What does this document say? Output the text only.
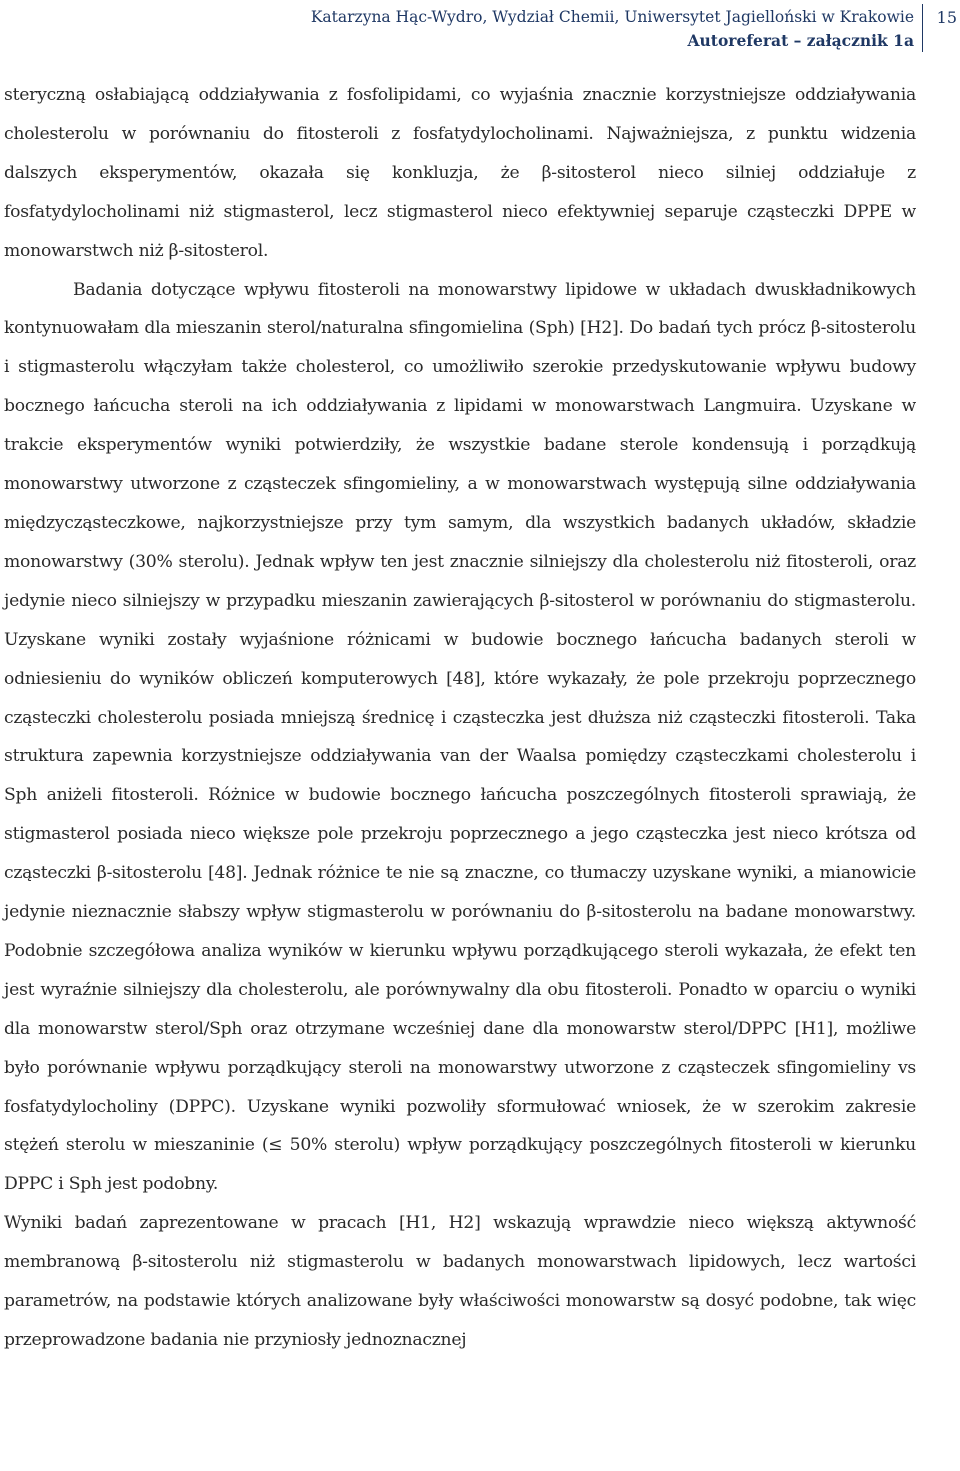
Katarzyna Hąc-Wydro, Wydział Chemii, Uniwersytet Jagielloński w Krakowie
Autoreferat – załącznik 1a
15

steryczną osłabiającą oddziaływania z fosfolipidami, co wyjaśnia znacznie korzystniejsze oddziaływania cholesterolu w porównaniu do fitosteroli z fosfatydylocholinami. Najważniejsza, z punktu widzenia dalszych eksperymentów, okazała się konkluzja, że β-sitosterol nieco silniej oddziałuje z fosfatydylocholinami niż stigmasterol, lecz stigmasterol nieco efektywniej separuje cząsteczki DPPE w monowarstwch niż β-sitosterol.

Badania dotyczące wpływu fitosteroli na monowarstwy lipidowe w układach dwuskładnikowych kontynuowałam dla mieszanin sterol/naturalna sfingomielina (Sph) [H2]. Do badań tych prócz β-sitosterolu i stigmasterolu włączyłam także cholesterol, co umożliwiło szerokie przedyskutowanie wpływu budowy bocznego łańcucha steroli na ich oddziaływania z lipidami w monowarstwach Langmuira. Uzyskane w trakcie eksperymentów wyniki potwierdziły, że wszystkie badane sterole kondensują i porządkują monowarstwy utworzone z cząsteczek sfingomieliny, a w monowarstwach występują silne oddziaływania międzycząsteczkowe, najkorzystniejsze przy tym samym, dla wszystkich badanych układów, składzie monowarstwy (30% sterolu). Jednak wpływ ten jest znacznie silniejszy dla cholesterolu niż fitosteroli, oraz jedynie nieco silniejszy w przypadku mieszanin zawierających β-sitosterol w porównaniu do stigmasterolu. Uzyskane wyniki zostały wyjaśnione różnicami w budowie bocznego łańcucha badanych steroli w odniesieniu do wyników obliczeń komputerowych [48], które wykazały, że pole przekroju poprzecznego cząsteczki cholesterolu posiada mniejszą średnicę i cząsteczka jest dłuższa niż cząsteczki fitosteroli. Taka struktura zapewnia korzystniejsze oddziaływania van der Waalsa pomiędzy cząsteczkami cholesterolu i Sph aniżeli fitosteroli. Różnice w budowie bocznego łańcucha poszczególnych fitosteroli sprawiają, że stigmasterol posiada nieco większe pole przekroju poprzecznego a jego cząsteczka jest nieco krótsza od cząsteczki β-sitosterolu [48]. Jednak różnice te nie są znaczne, co tłumaczy uzyskane wyniki, a mianowicie jedynie nieznacznie słabszy wpływ stigmasterolu w porównaniu do β-sitosterolu na badane monowarstwy. Podobnie szczegółowa analiza wyników w kierunku wpływu porządkującego steroli wykazała, że efekt ten jest wyraźnie silniejszy dla cholesterolu, ale porównywalny dla obu fitosteroli. Ponadto w oparciu o wyniki dla monowarstw sterol/Sph oraz otrzymane wcześniej dane dla monowarstw sterol/DPPC [H1], możliwe było porównanie wpływu porządkujący steroli na monowarstwy utworzone z cząsteczek sfingomieliny vs fosfatydylocholiny (DPPC). Uzyskane wyniki pozwoliły sformułować wniosek, że w szerokim zakresie stężeń sterolu w mieszaninie (≤ 50% sterolu) wpływ porządkujący poszczególnych fitosteroli w kierunku DPPC i Sph jest podobny.

Wyniki badań zaprezentowane w pracach [H1, H2] wskazują wprawdzie nieco większą aktywność membranową β-sitosterolu niż stigmasterolu w badanych monowarstwach lipidowych, lecz wartości parametrów, na podstawie których analizowane były właściwości monowarstw są dosyć podobne, tak więc przeprowadzone badania nie przyniosły jednoznacznej
